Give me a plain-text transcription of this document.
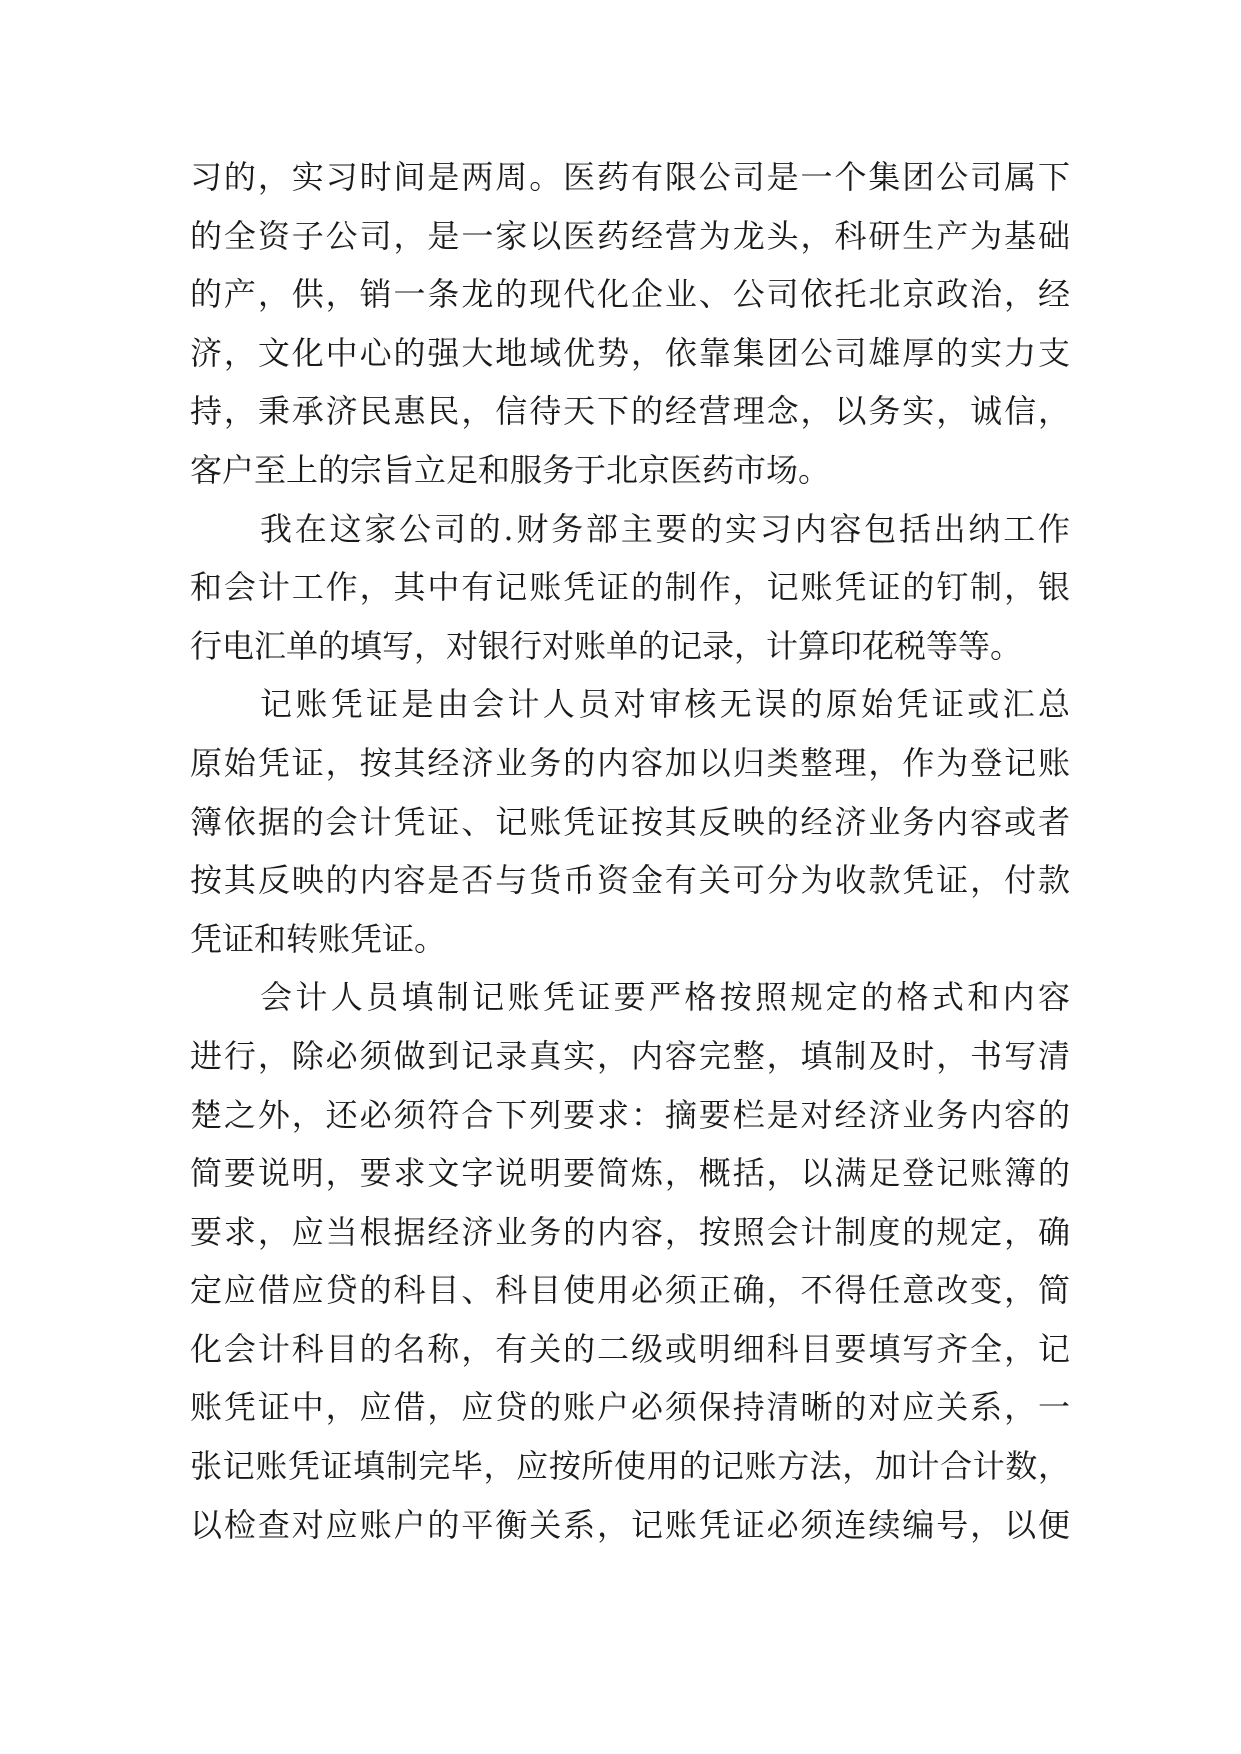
习的，实习时间是两周。医药有限公司是一个集团公司属下
的全资子公司，是一家以医药经营为龙头，科研生产为基础
的产，供，销一条龙的现代化企业、公司依托北京政治，经
济，文化中心的强大地域优势，依靠集团公司雄厚的实力支
持，秉承济民惠民，信待天下的经营理念，以务实，诚信，
客户至上的宗旨立足和服务于北京医药市场。
我在这家公司的.财务部主要的实习内容包括出纳工作
和会计工作，其中有记账凭证的制作，记账凭证的钉制，银
行电汇单的填写，对银行对账单的记录，计算印花税等等。
记账凭证是由会计人员对审核无误的原始凭证或汇总
原始凭证，按其经济业务的内容加以归类整理，作为登记账
簿依据的会计凭证、记账凭证按其反映的经济业务内容或者
按其反映的内容是否与货币资金有关可分为收款凭证，付款
凭证和转账凭证。
会计人员填制记账凭证要严格按照规定的格式和内容
进行，除必须做到记录真实，内容完整，填制及时，书写清
楚之外，还必须符合下列要求：摘要栏是对经济业务内容的
简要说明，要求文字说明要简炼，概括，以满足登记账簿的
要求，应当根据经济业务的内容，按照会计制度的规定，确
定应借应贷的科目、科目使用必须正确，不得任意改变，简
化会计科目的名称，有关的二级或明细科目要填写齐全，记
账凭证中，应借，应贷的账户必须保持清晰的对应关系，一
张记账凭证填制完毕，应按所使用的记账方法，加计合计数，
以检查对应账户的平衡关系，记账凭证必须连续编号，以便
